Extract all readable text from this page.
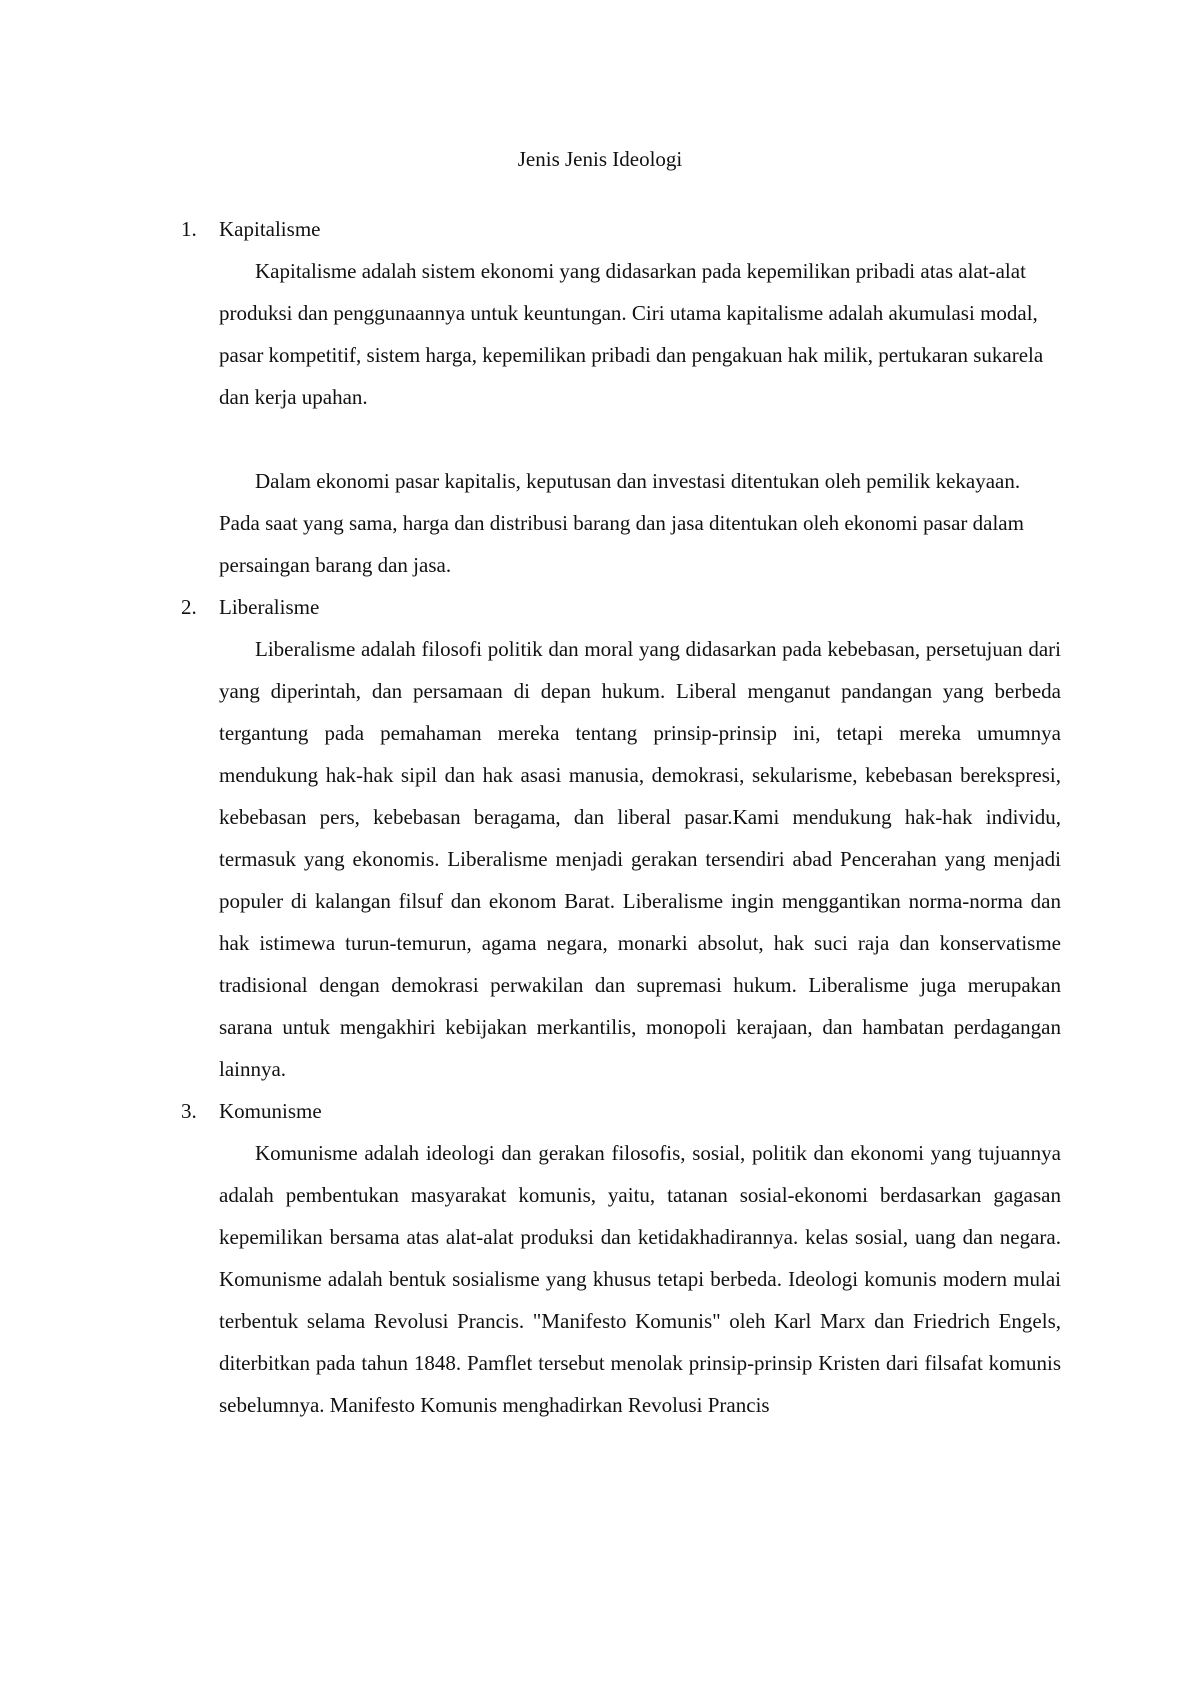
Jenis Jenis Ideologi

1. Kapitalisme

Kapitalisme adalah sistem ekonomi yang didasarkan pada kepemilikan pribadi atas alat-alat produksi dan penggunaannya untuk keuntungan. Ciri utama kapitalisme adalah akumulasi modal, pasar kompetitif, sistem harga, kepemilikan pribadi dan pengakuan hak milik, pertukaran sukarela dan kerja upahan.

Dalam ekonomi pasar kapitalis, keputusan dan investasi ditentukan oleh pemilik kekayaan. Pada saat yang sama, harga dan distribusi barang dan jasa ditentukan oleh ekonomi pasar dalam persaingan barang dan jasa.

2. Liberalisme

Liberalisme adalah filosofi politik dan moral yang didasarkan pada kebebasan, persetujuan dari yang diperintah, dan persamaan di depan hukum. Liberal menganut pandangan yang berbeda tergantung pada pemahaman mereka tentang prinsip-prinsip ini, tetapi mereka umumnya mendukung hak-hak sipil dan hak asasi manusia, demokrasi, sekularisme, kebebasan berekspresi, kebebasan pers, kebebasan beragama, dan liberal pasar.Kami mendukung hak-hak individu, termasuk yang ekonomis. Liberalisme menjadi gerakan tersendiri abad Pencerahan yang menjadi populer di kalangan filsuf dan ekonom Barat. Liberalisme ingin menggantikan norma-norma dan hak istimewa turun-temurun, agama negara, monarki absolut, hak suci raja dan konservatisme tradisional dengan demokrasi perwakilan dan supremasi hukum. Liberalisme juga merupakan sarana untuk mengakhiri kebijakan merkantilis, monopoli kerajaan, dan hambatan perdagangan lainnya.

3. Komunisme

Komunisme adalah ideologi dan gerakan filosofis, sosial, politik dan ekonomi yang tujuannya adalah pembentukan masyarakat komunis, yaitu, tatanan sosial-ekonomi berdasarkan gagasan kepemilikan bersama atas alat-alat produksi dan ketidakhadirannya. kelas sosial, uang dan negara. Komunisme adalah bentuk sosialisme yang khusus tetapi berbeda. Ideologi komunis modern mulai terbentuk selama Revolusi Prancis. "Manifesto Komunis" oleh Karl Marx dan Friedrich Engels, diterbitkan pada tahun 1848. Pamflet tersebut menolak prinsip-prinsip Kristen dari filsafat komunis sebelumnya. Manifesto Komunis menghadirkan Revolusi Prancis
